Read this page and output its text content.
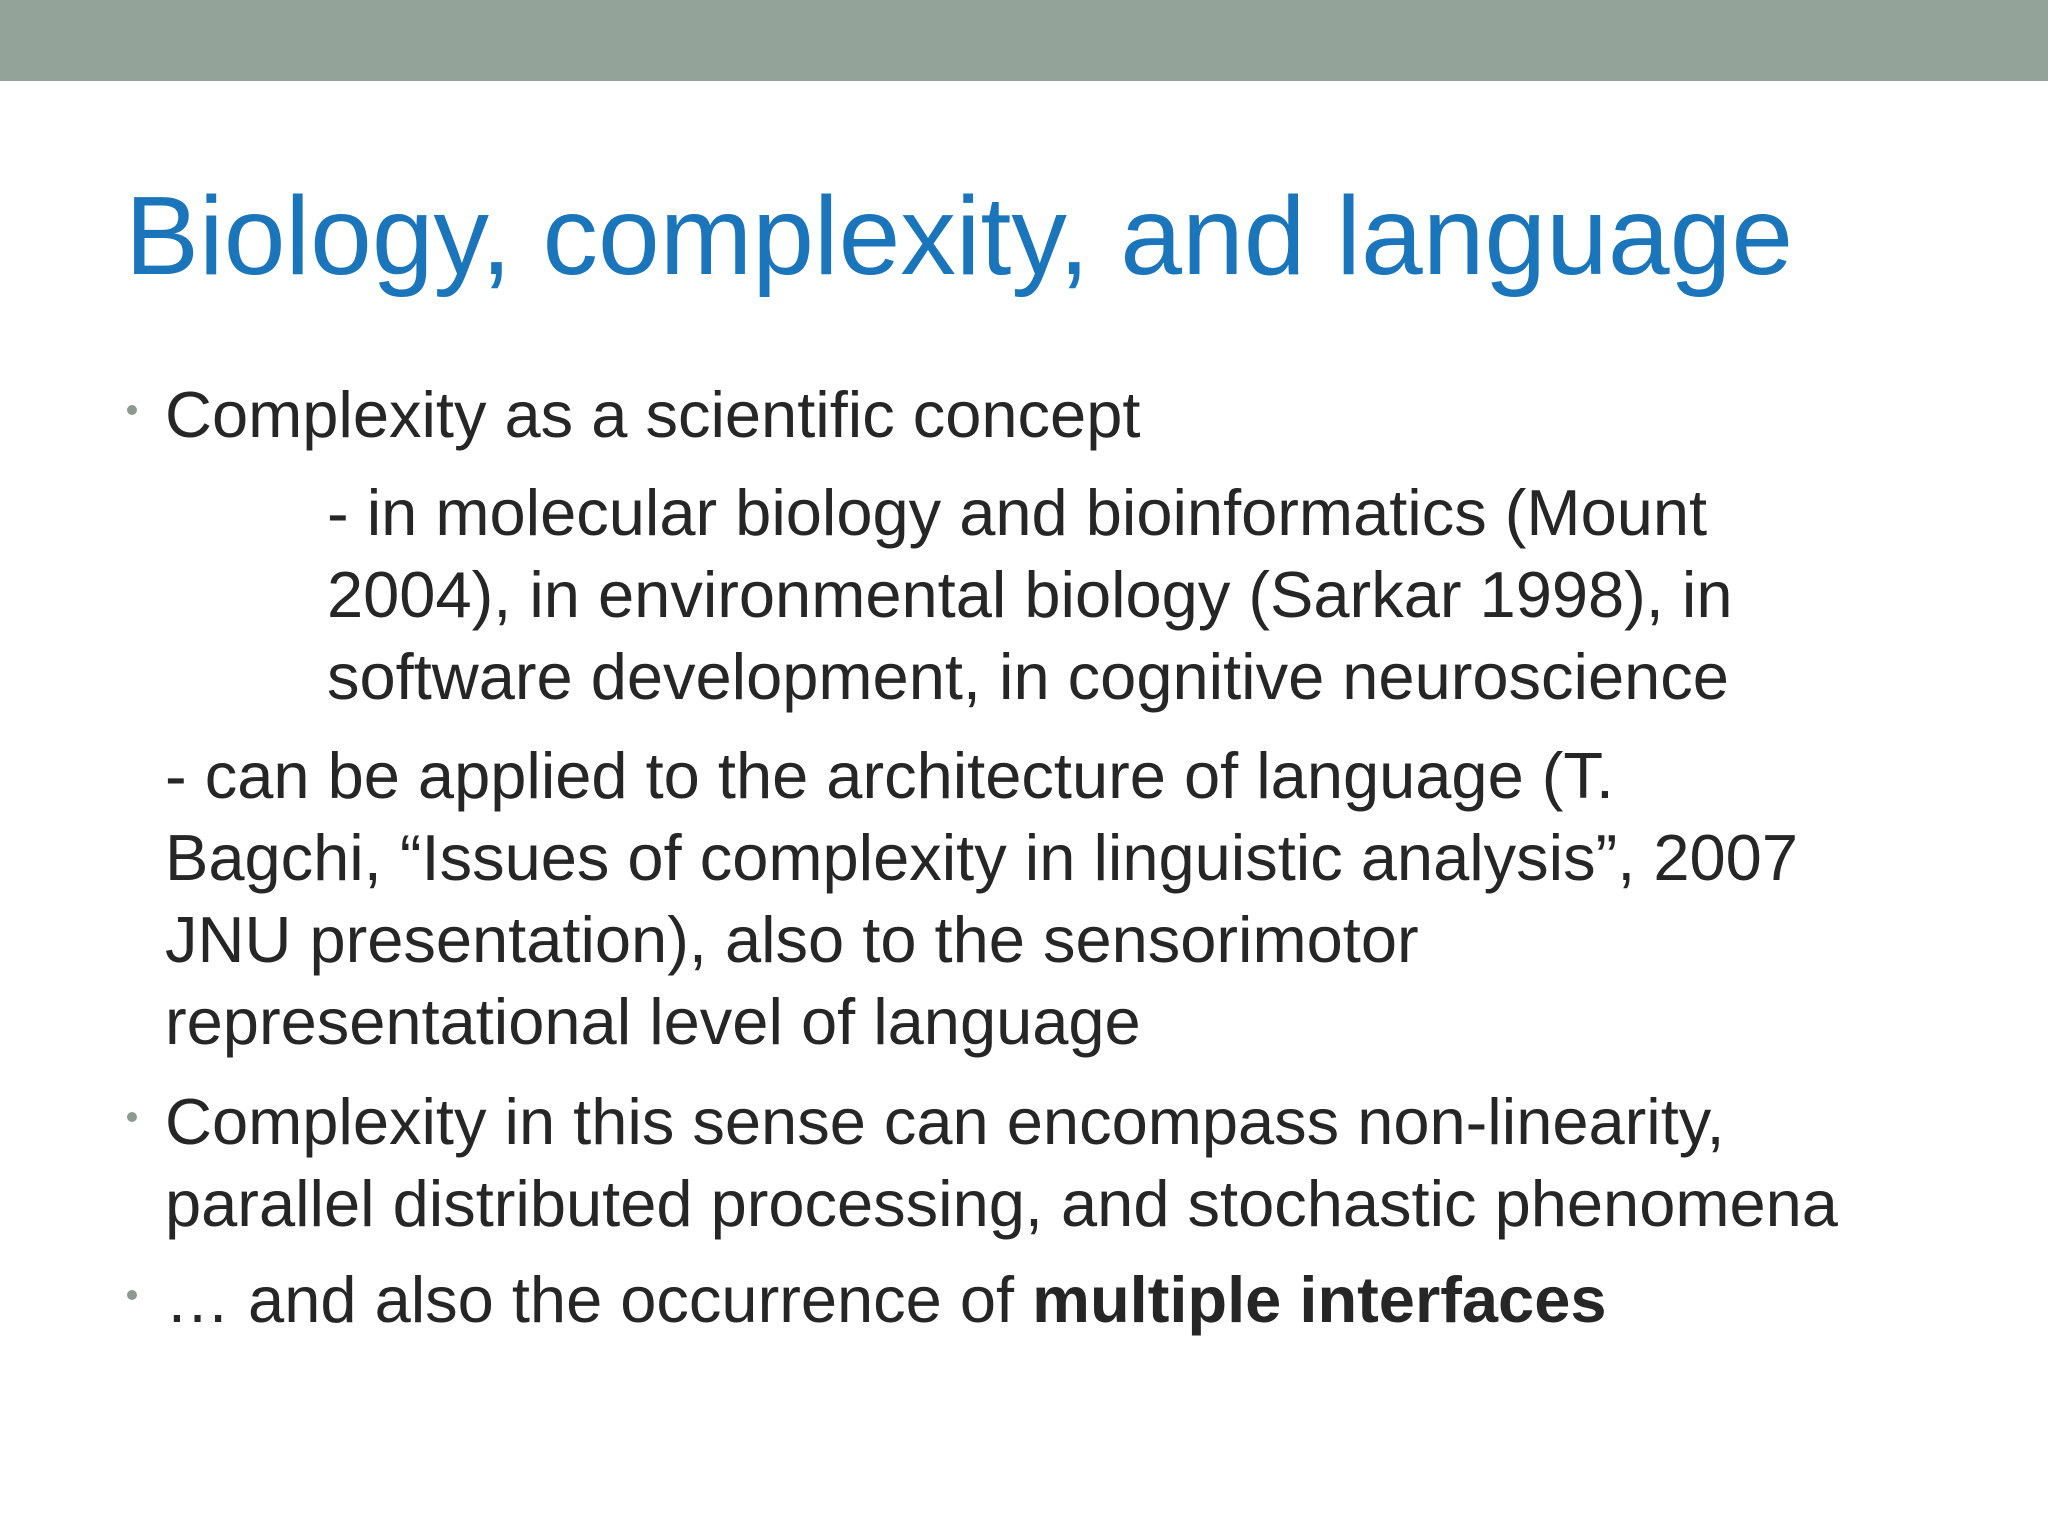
Biology, complexity, and language

Complexity as a scientific concept

- in molecular biology and bioinformatics (Mount

2004), in environmental biology (Sarkar 1998), in

software development, in cognitive neuroscience

- can be applied to the architecture of language (T.

Bagchi, “Issues of complexity in linguistic analysis”, 2007

JNU presentation), also to the sensorimotor

representational level of language

Complexity in this sense can encompass non-linearity,

parallel distributed processing, and stochastic phenomena

… and also the occurrence of multiple interfaces
